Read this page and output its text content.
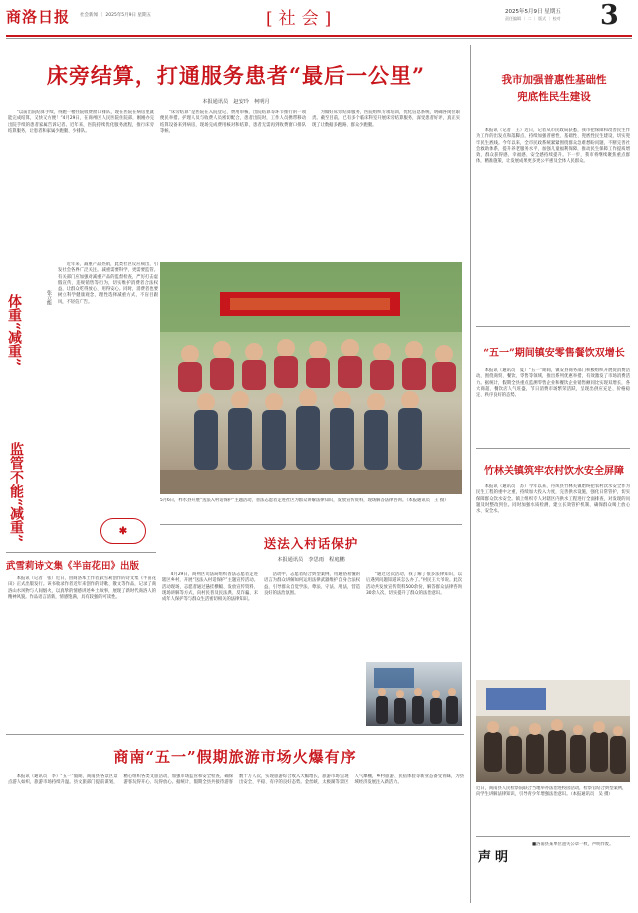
商洛日报 社会新闻 ｜ 2025年5月9日 星期五	[社会]	2025年5月9日 星期五
责任编辑 ｜ 二 ｜ 版式 ｜ 校对 3
床旁结算，打通服务患者“最后一公里”
本报通讯员　赵安玲　柯明月

“以前出院结算手续，得跑一楼住院收费窗口排队，现在医院在病房里就能完成结算，又快又方便！”4月29日，在商州区人民医院住院部，刚刚办完出院手续的患者家属告诉记者。近年来，医院持续优化服务流程，推行床旁结算服务，让患者和家属少跑腿、少排队。

“床旁结算”是医院在入院登记、费用审核、出院结算等环节推行的一项便民举措。护理人员与收费人员密切配合，患者出院时，工作人员携带移动结算设备来到病房，现场完成费用核对和结算，患者无需再到收费窗口排队等候。

为做好床旁结算服务，医院组织专项培训，优化信息系统，明确各岗位职责。截至目前，已有多个临床科室开展床旁结算服务，深受患者好评，真正实现了让数据多跑路、群众少跑腿。

我市加强普惠性基础性
兜底性民生建设

本报讯（记者　王）近日，记者从市民政局获悉，我市把保障和改善民生作为工作的出发点和落脚点，持续加强普惠性、基础性、兜底性民生建设，切实兜牢民生底线。今年以来，全市民政系统紧紧围绕群众急难愁盼问题，不断完善社会救助体系，提升养老服务水平，加强儿童福利保障，推动民生保障工作提质增效，群众获得感、幸福感、安全感持续提升。下一步，我市将继续聚焦重点群体，精准施策，让发展成果更多更公平惠及全体人民群众。

“五一”期间镇安零售餐饮双增长

本报讯（通讯员　夏）“五一”期间，镇安县商务部门积极组织开展促消费活动，围绕商贸、餐饮、零售等领域，推出系列优惠举措，有效激发了市场消费活力。据统计，假期全县重点监测零售企业和餐饮企业销售额同比实现双增长，各大商超、餐饮店人气旺盛，节日消费市场繁荣活跃，呈现出供应充足、价格稳定、秩序良好的态势。

竹林关镇筑牢农村饮水安全屏障

本报讯（通讯员　苏）今年以来，丹凤县竹林关镇始终把农村饮水安全作为民生工程的重中之重，持续加大投入力度，完善供水设施，强化日常管护，切实保障群众饮水安全。镇上组织专人对辖区内供水工程进行全面排查，对发现的问题及时整改到位。同时加强水质检测，建立长效管护机制，确保群众喝上放心水、安全水。

近日，商南县人民检察院联合当地举办法治进校园活动，检察官结合典型案例，向学生讲解法律知识，引导青少年增强法治意识。（本报通讯员　吴 摄）
声明
■洛南县某单位遗失公章一枚，声明作废。
体重“减重”
监管不能“减重”
张立能

近年来，减重产品热销，此类社区反应频出，引发社会各界广泛关注。减重需要科学，更需要监管。有关部门应加强对减重产品的监督检查，严厉打击虚假宣传、违规销售等行为，切实维护消费者合法权益，让群众吃得放心、用得安心。同时，消费者也要树立科学健康观念，理性选择减重方式，不盲目跟风，不轻信广告。

✱
武雪莉诗文集《半亩花田》出版

本报讯（记者　张）近日，由商洛本土作者武雪莉创作的诗文集《半亩花田》正式出版发行。该书收录作者近年来创作的诗歌、散文等作品，记录了商洛山水风物与人间烟火，以真挚的情感讲述乡土故事，展现了新时代商洛人的精神风貌。作品语言清新，情感饱满，具有较强的可读性。

5月6日，柞水县开展“送法入村话保护”主题活动，普法志愿者走进社区为群众讲解法律知识，发放宣传资料，现场解答法律咨询。（本报通讯员　王 摄）
送法入村话保护
本报通讯员　李思雨　程庭鹏

4月29日，商州区司法局组织普法志愿者走进辖区乡村，开展“送法入村话保护”主题宣传活动。活动现场，志愿者通过悬挂横幅、发放宣传资料、现场讲解等方式，向村民普及民法典、反诈骗、未成年人保护等与群众生活密切相关的法律知识。

活动中，志愿者结合典型案例，用通俗易懂的语言为群众讲解如何运用法律武器维护自身合法权益，引导群众自觉学法、尊法、守法、用法，营造良好的法治氛围。

“通过这次活动，我了解了很多法律知识，以后遇到问题知道该怎么办了。”村民王大爷说。此次活动共发放宣传资料500余份，解答群众法律咨询30余人次，切实提升了群众的法治意识。

商南“五一”假期旅游市场火爆有序

本报讯（通讯员　李）“五一”假期，商南县各景区景点游人如织，旅游市场持续升温。县文旅部门提前谋划，精心组织各类文旅活动，加强市场监管和安全检查，确保游客玩得开心、玩得放心。据统计，假期全县共接待游客数十万人次，实现旅游综合收入大幅增长，旅游市场呈现出安全、平稳、有序的良好态势。金丝峡、太极湖等景区人气爆棚，乡村旅游、民宿体验等新业态备受青睐，为县域经济发展注入新活力。
